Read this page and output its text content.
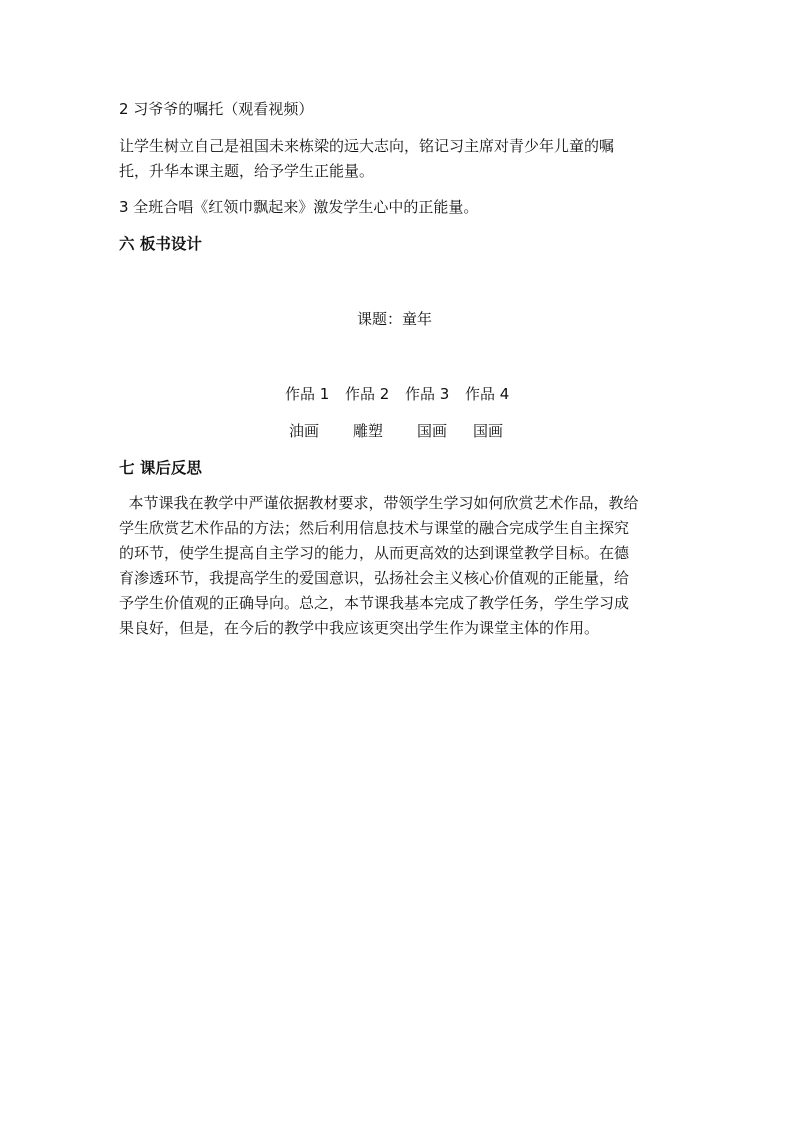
2 习爷爷的嘱托（观看视频）
让学生树立自己是祖国未来栋梁的远大志向，铭记习主席对青少年儿童的嘱
托，升华本课主题，给予学生正能量。
3 全班合唱《红领巾飘起来》激发学生心中的正能量。
六 板书设计
课题：童年
作品 1 作品 2 作品 3 作品 4
油画 雕塑 国画 国画
七 课后反思
本节课我在教学中严谨依据教材要求，带领学生学习如何欣赏艺术作品，教给
学生欣赏艺术作品的方法；然后利用信息技术与课堂的融合完成学生自主探究
的环节，使学生提高自主学习的能力，从而更高效的达到课堂教学目标。在德
育渗透环节，我提高学生的爱国意识，弘扬社会主义核心价值观的正能量，给
予学生价值观的正确导向。总之，本节课我基本完成了教学任务，学生学习成
果良好，但是，在今后的教学中我应该更突出学生作为课堂主体的作用。
